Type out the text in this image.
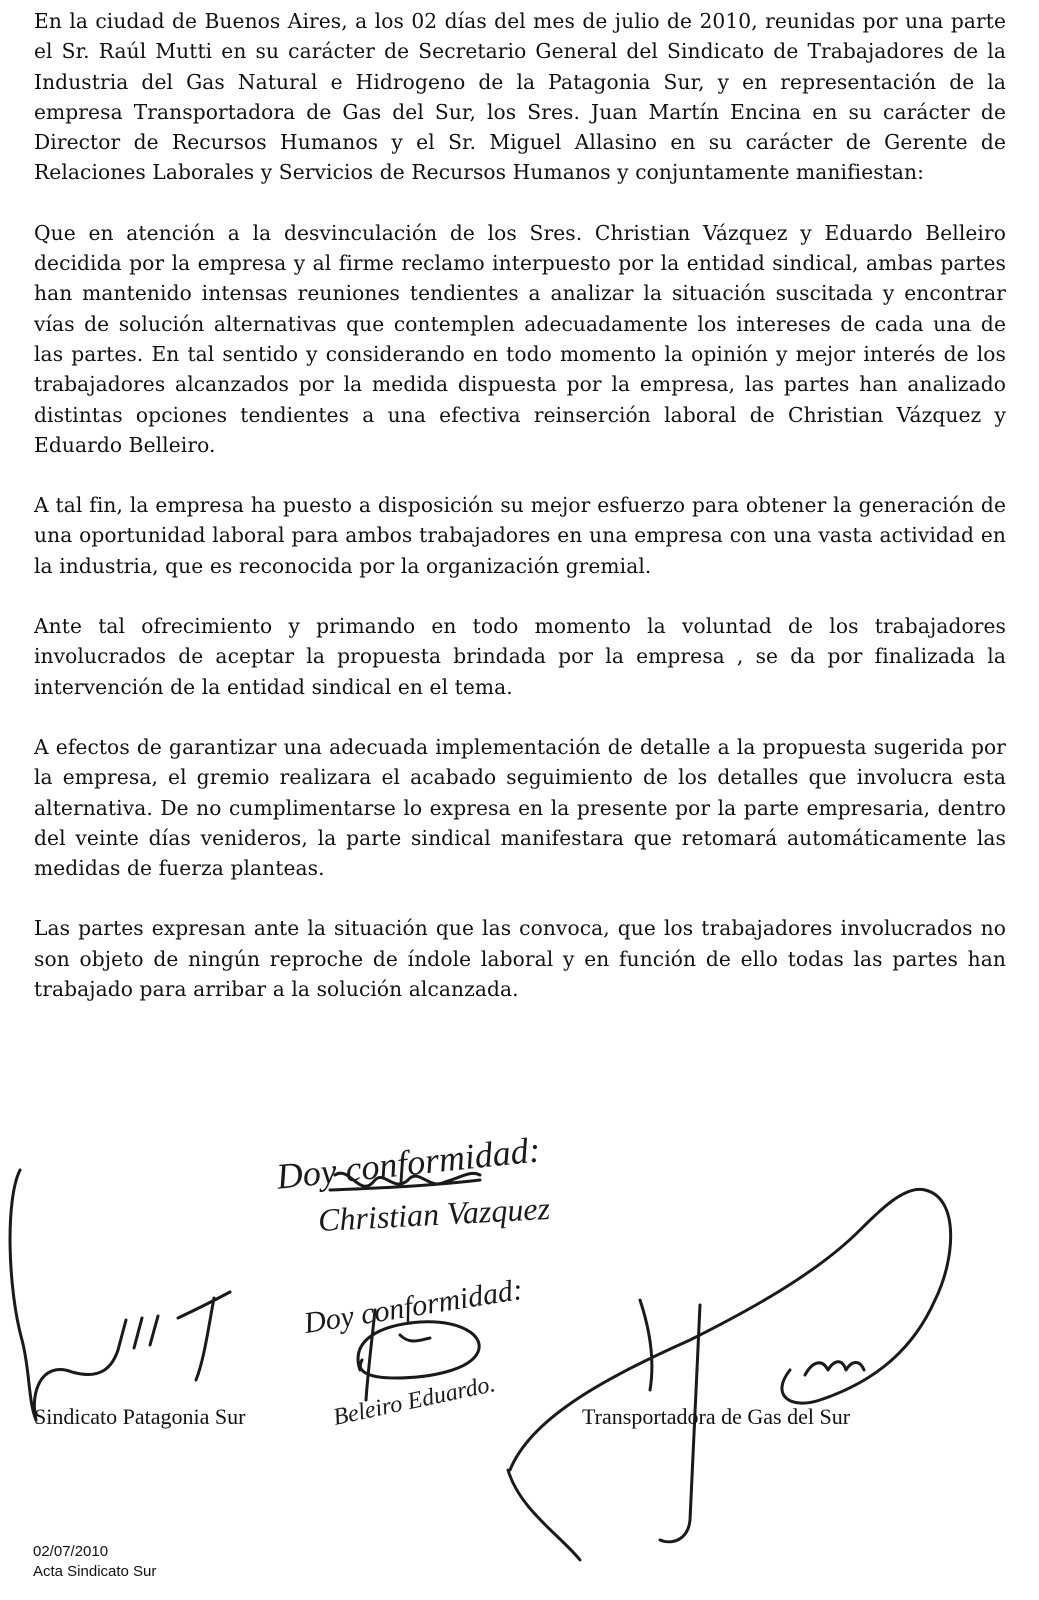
En la ciudad de Buenos Aires, a los 02 días del mes de julio de 2010, reunidas por una parte el Sr. Raúl Mutti en su carácter de Secretario General del Sindicato de Trabajadores de la Industria del Gas Natural e Hidrogeno de la Patagonia Sur, y en representación de la empresa Transportadora de Gas del Sur, los Sres. Juan Martín Encina en su carácter de Director de Recursos Humanos y el Sr. Miguel Allasino en su carácter de Gerente de Relaciones Laborales y Servicios de Recursos Humanos y conjuntamente manifiestan:

Que en atención a la desvinculación de los Sres. Christian Vázquez y Eduardo Belleiro decidida por la empresa y al firme reclamo interpuesto por la entidad sindical, ambas partes han mantenido intensas reuniones tendientes a analizar la situación suscitada y encontrar vías de solución alternativas que contemplen adecuadamente los intereses de cada una de las partes. En tal sentido y considerando en todo momento la opinión y mejor interés de los trabajadores alcanzados por la medida dispuesta por la empresa, las partes han analizado distintas opciones tendientes a una efectiva reinserción laboral de Christian Vázquez y Eduardo Belleiro.

A tal fin, la empresa ha puesto a disposición su mejor esfuerzo para obtener la generación de una oportunidad laboral para ambos trabajadores en una empresa con una vasta actividad en la industria, que es reconocida por la organización gremial.

Ante tal ofrecimiento y primando en todo momento la voluntad de los trabajadores involucrados de aceptar la propuesta brindada por la empresa , se da por finalizada la intervención de la entidad sindical en el tema.

A efectos de garantizar una adecuada implementación de detalle a la propuesta sugerida por la empresa, el gremio realizara el acabado seguimiento de los detalles que involucra esta alternativa. De no cumplimentarse lo expresa en la presente por la parte empresaria, dentro del veinte días venideros, la parte sindical manifestara que retomará automáticamente las medidas de fuerza planteas.

Las partes expresan ante la situación que las convoca, que los trabajadores involucrados no son objeto de ningún reproche de índole laboral y en función de ello todas las partes han trabajado para arribar a la solución alcanzada.

Doy conformidad:
Christian Vazquez
Doy conformidad:
Beleiro Eduardo.
Sindicato Patagonia Sur	Transportadora de Gas del Sur
02/07/2010
Acta Sindicato Sur
